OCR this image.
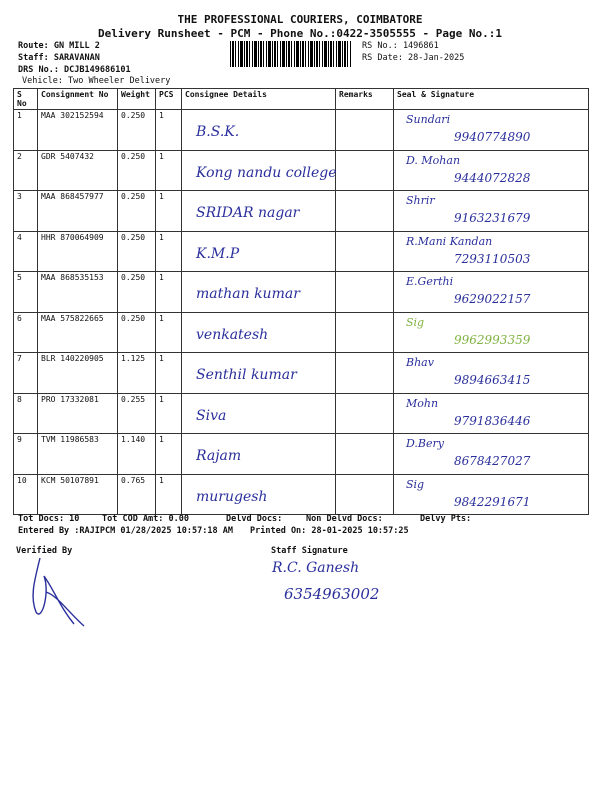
THE PROFESSIONAL COURIERS, COIMBATORE
Delivery Runsheet - PCM - Phone No.:0422-3505555 - Page No.:1
Route: GN MILL 2
Staff: SARAVANAN
DRS No.: DCJB149686101
Vehicle: Two Wheeler Delivery
RS No.: 1496861
RS Date: 28-Jan-2025
S No	Consignment No	Weight	PCS	Consignee Details	Remarks	Seal & Signature
1	MAA 302152594	0.250	1	B.S.K.		Sundari
9940774890

2	GDR 5407432	0.250	1	Kong nandu college		D. Mohan
9444072828

3	MAA 868457977	0.250	1	SRIDAR nagar		Shrir
9163231679

4	HHR 870064909	0.250	1	K.M.P		R.Mani Kandan
7293110503

5	MAA 868535153	0.250	1	mathan kumar		E.Gerthi
9629022157

6	MAA 575822665	0.250	1	venkatesh		Sig
9962993359

7	BLR 140220905	1.125	1	Senthil kumar		Bhav
9894663415

8	PRO 17332081	0.255	1	Siva		Mohn
9791836446

9	TVM 11986583	1.140	1	Rajam		D.Bery
8678427027

10	KCM 50107891	0.765	1	murugesh		Sig
9842291671
Tot Docs: 10	Tot COD Amt: 0.00	Delvd Docs:	Non Delvd Docs:	Delvy Pts:
Entered By :RAJIPCM 01/28/2025 10:57:18 AM Printed On: 28-01-2025 10:57:25
Verified By	Staff Signature
R.C. Ganesh
6354963002
